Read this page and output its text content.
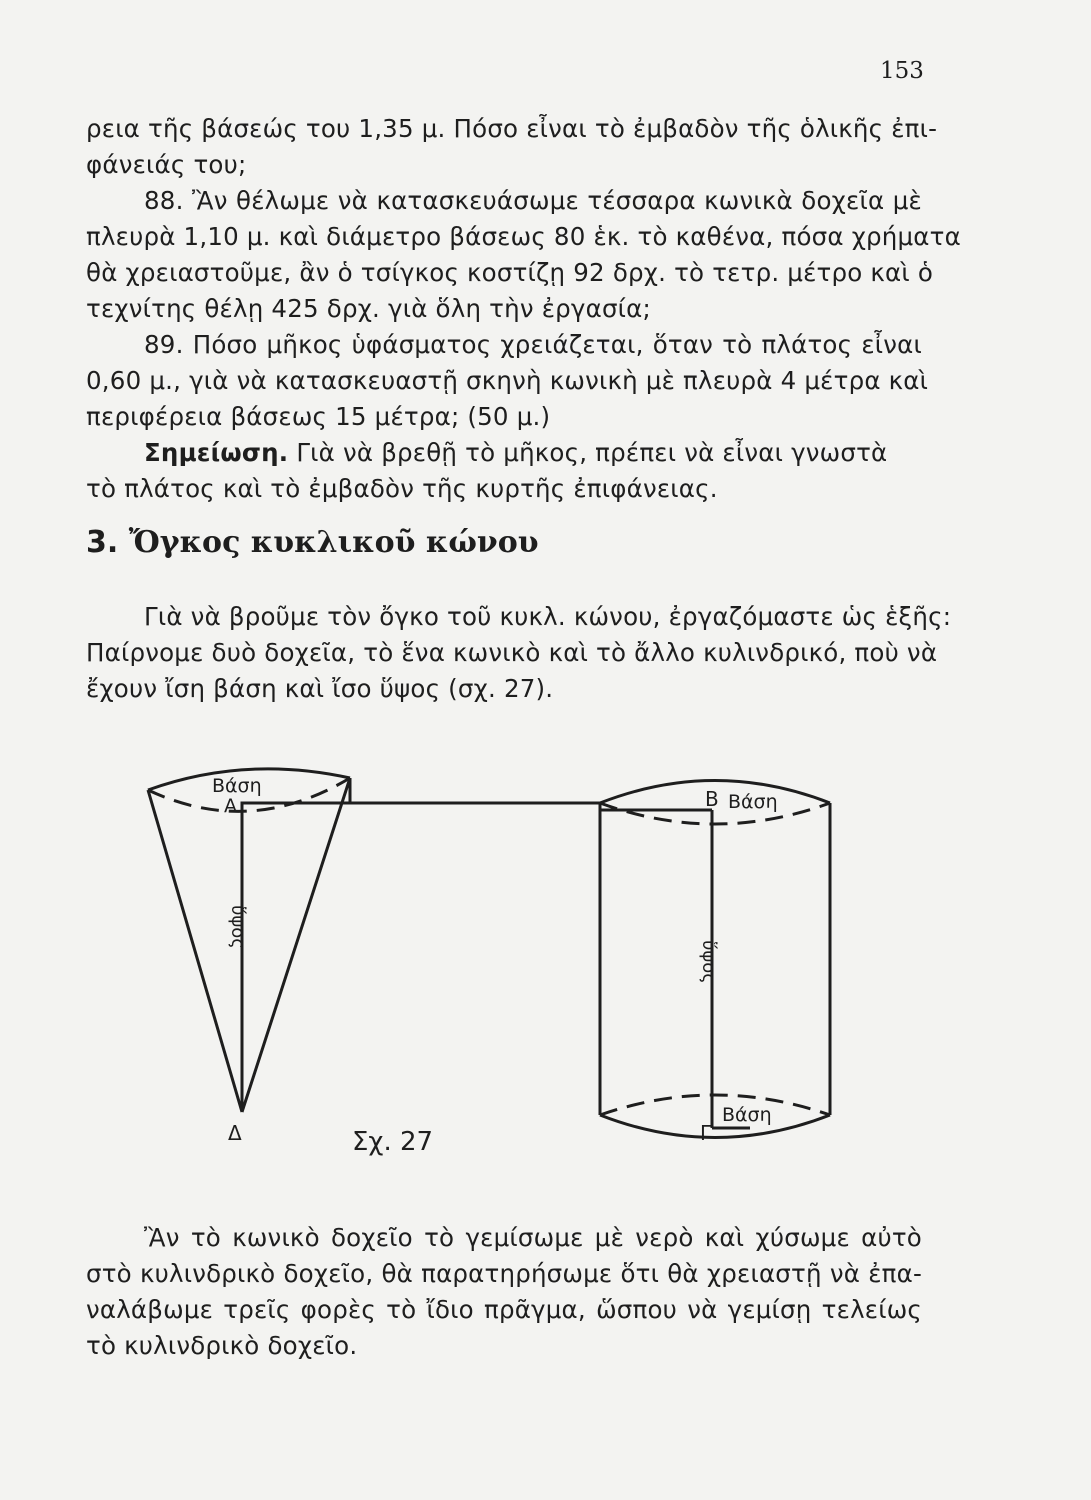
153
ρεια τῆς βάσεώς του 1,35 μ. Πόσο εἶναι τὸ ἐμβαδὸν τῆς ὁλικῆς ἐπι-
φάνειάς του;
88. Ἂν θέλωμε νὰ κατασκευάσωμε τέσσαρα κωνικὰ δοχεῖα μὲ
πλευρὰ 1,10 μ. καὶ διάμετρο βάσεως 80 ἑκ. τὸ καθένα, πόσα χρήματα
θὰ χρειαστοῦμε, ἂν ὁ τσίγκος κοστίζῃ 92 δρχ. τὸ τετρ. μέτρο καὶ ὁ
τεχνίτης θέλῃ 425 δρχ. γιὰ ὅλη τὴν ἐργασία;
89. Πόσο μῆκος ὑφάσματος χρειάζεται, ὅταν τὸ πλάτος εἶναι
0,60 μ., γιὰ νὰ κατασκευαστῇ σκηνὴ κωνικὴ μὲ πλευρὰ 4 μέτρα καὶ
περιφέρεια βάσεως 15 μέτρα; (50 μ.)
Σημείωση. Γιὰ νὰ βρεθῇ τὸ μῆκος, πρέπει νὰ εἶναι γνωστὰ
τὸ πλάτος καὶ τὸ ἐμβαδὸν τῆς κυρτῆς ἐπιφάνειας.
3. Ὄγκος κυκλικοῦ κώνου
Γιὰ νὰ βροῦμε τὸν ὄγκο τοῦ κυκλ. κώνου, ἐργαζόμαστε ὡς ἑξῆς:
Παίρνομε δυὸ δοχεῖα, τὸ ἕνα κωνικὸ καὶ τὸ ἄλλο κυλινδρικό, ποὺ νὰ
ἔχουν ἴση βάση καὶ ἴσο ὕψος (σχ. 27).
Βάση
Α
Δ
ὕψος
Β Βάση
Γ
Βάση
ὕψος
Σχ. 27
Ἂν τὸ κωνικὸ δοχεῖο τὸ γεμίσωμε μὲ νερὸ καὶ χύσωμε αὐτὸ
στὸ κυλινδρικὸ δοχεῖο, θὰ παρατηρήσωμε ὅτι θὰ χρειαστῇ νὰ ἐπα-
ναλάβωμε τρεῖς φορὲς τὸ ἴδιο πρᾶγμα, ὥσπου νὰ γεμίσῃ τελείως
τὸ κυλινδρικὸ δοχεῖο.
